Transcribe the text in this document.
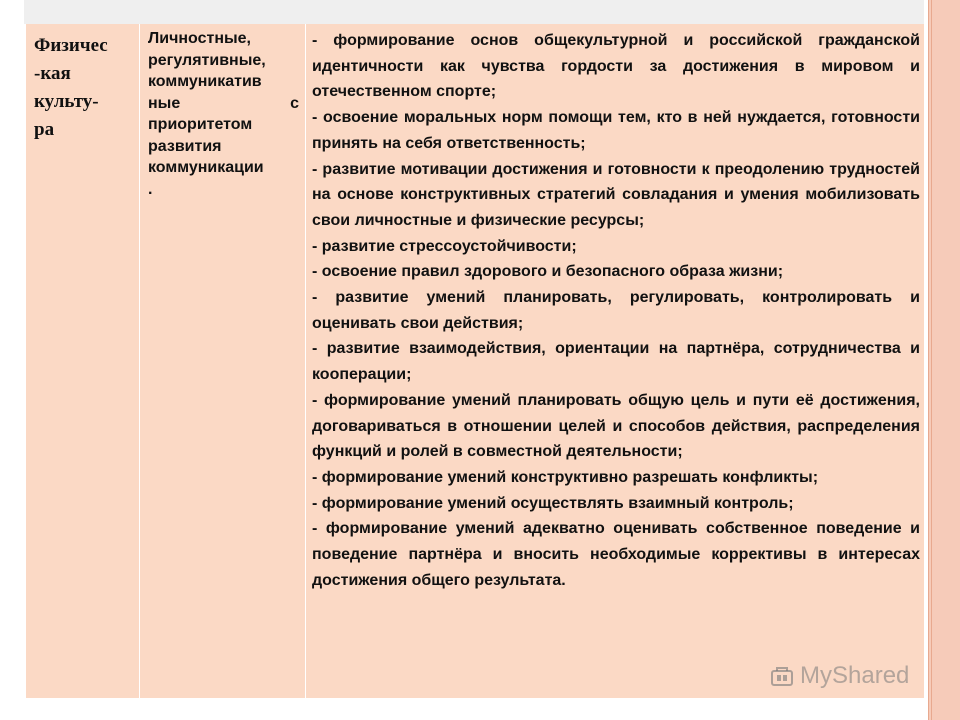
Физичес
-кая
культу-
ра
Личностные,
регулятивные,
коммуникатив
ные	с
приоритетом
развития
коммуникации
.

- формирование основ общекультурной и российской гражданской идентичности как чувства гордости за достижения в мировом и отечественном спорте;

- освоение моральных норм помощи тем, кто в ней нуждается, готовности принять на себя ответственность;

- развитие мотивации достижения и готовности к преодолению трудностей на основе конструктивных стратегий совладания и умения мобилизовать свои личностные и физические ресурсы;

- развитие стрессоустойчивости;

- освоение правил здорового и безопасного образа жизни;

- развитие умений планировать, регулировать, контролировать и оценивать свои действия;

- развитие взаимодействия, ориентации на партнёра, сотрудничества и кооперации;

- формирование умений планировать общую цель и пути её достижения, договариваться в отношении целей и способов действия, распределения функций и ролей в совместной деятельности;

- формирование умений конструктивно разрешать конфликты;

- формирование умений осуществлять взаимный контроль;

- формирование умений адекватно оценивать собственное поведение и поведение партнёра и вносить необходимые коррективы в интересах достижения общего результата.

MyShared
